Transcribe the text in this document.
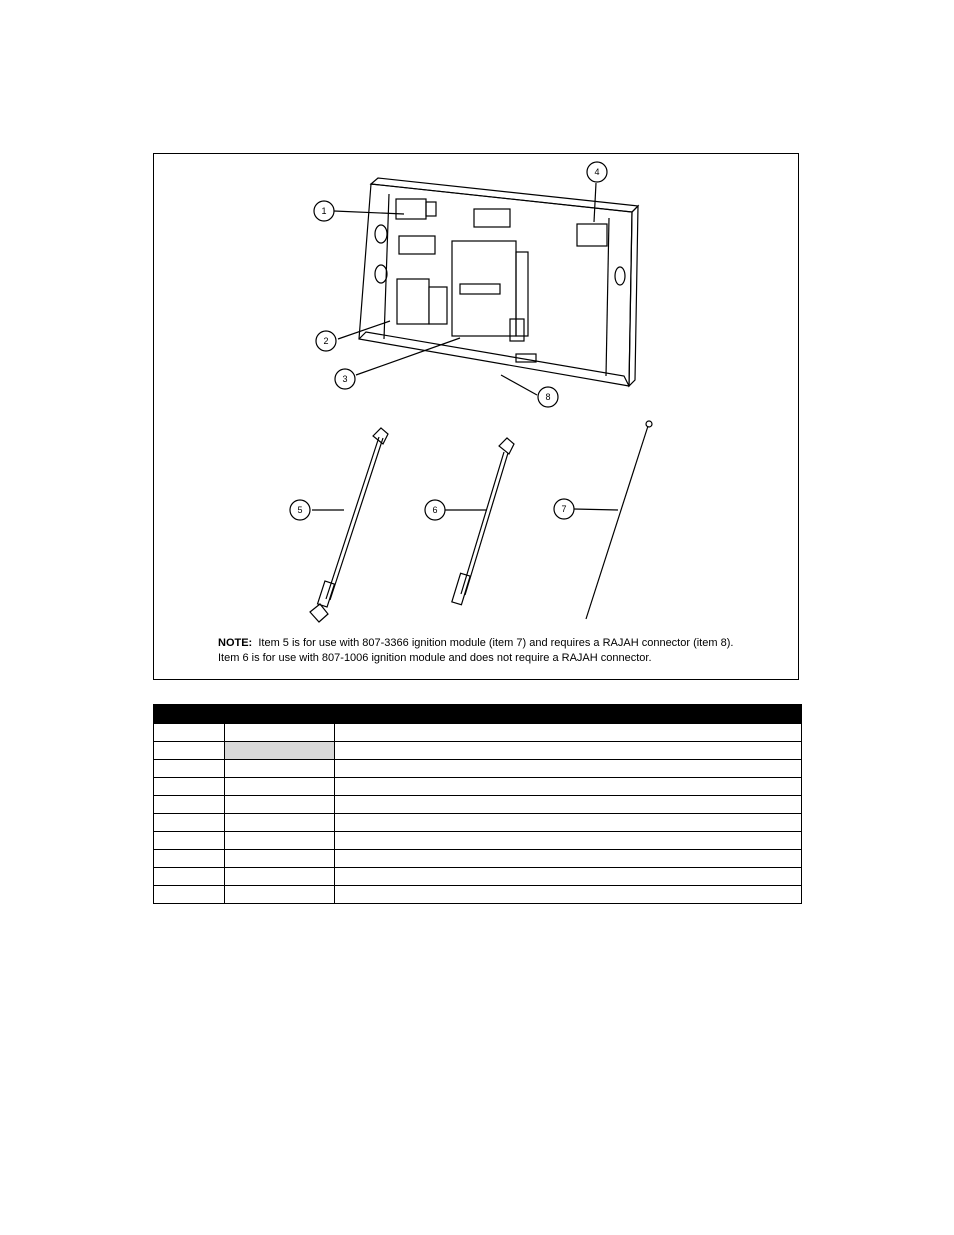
1
2
3
4
5	6	7
8
NOTE: Item 5 is for use with 807-3366 ignition module (item 7) and requires a RAJAH connector (item 8).
Item 6 is for use with 807-1006 ignition module and does not require a RAJAH connector.
